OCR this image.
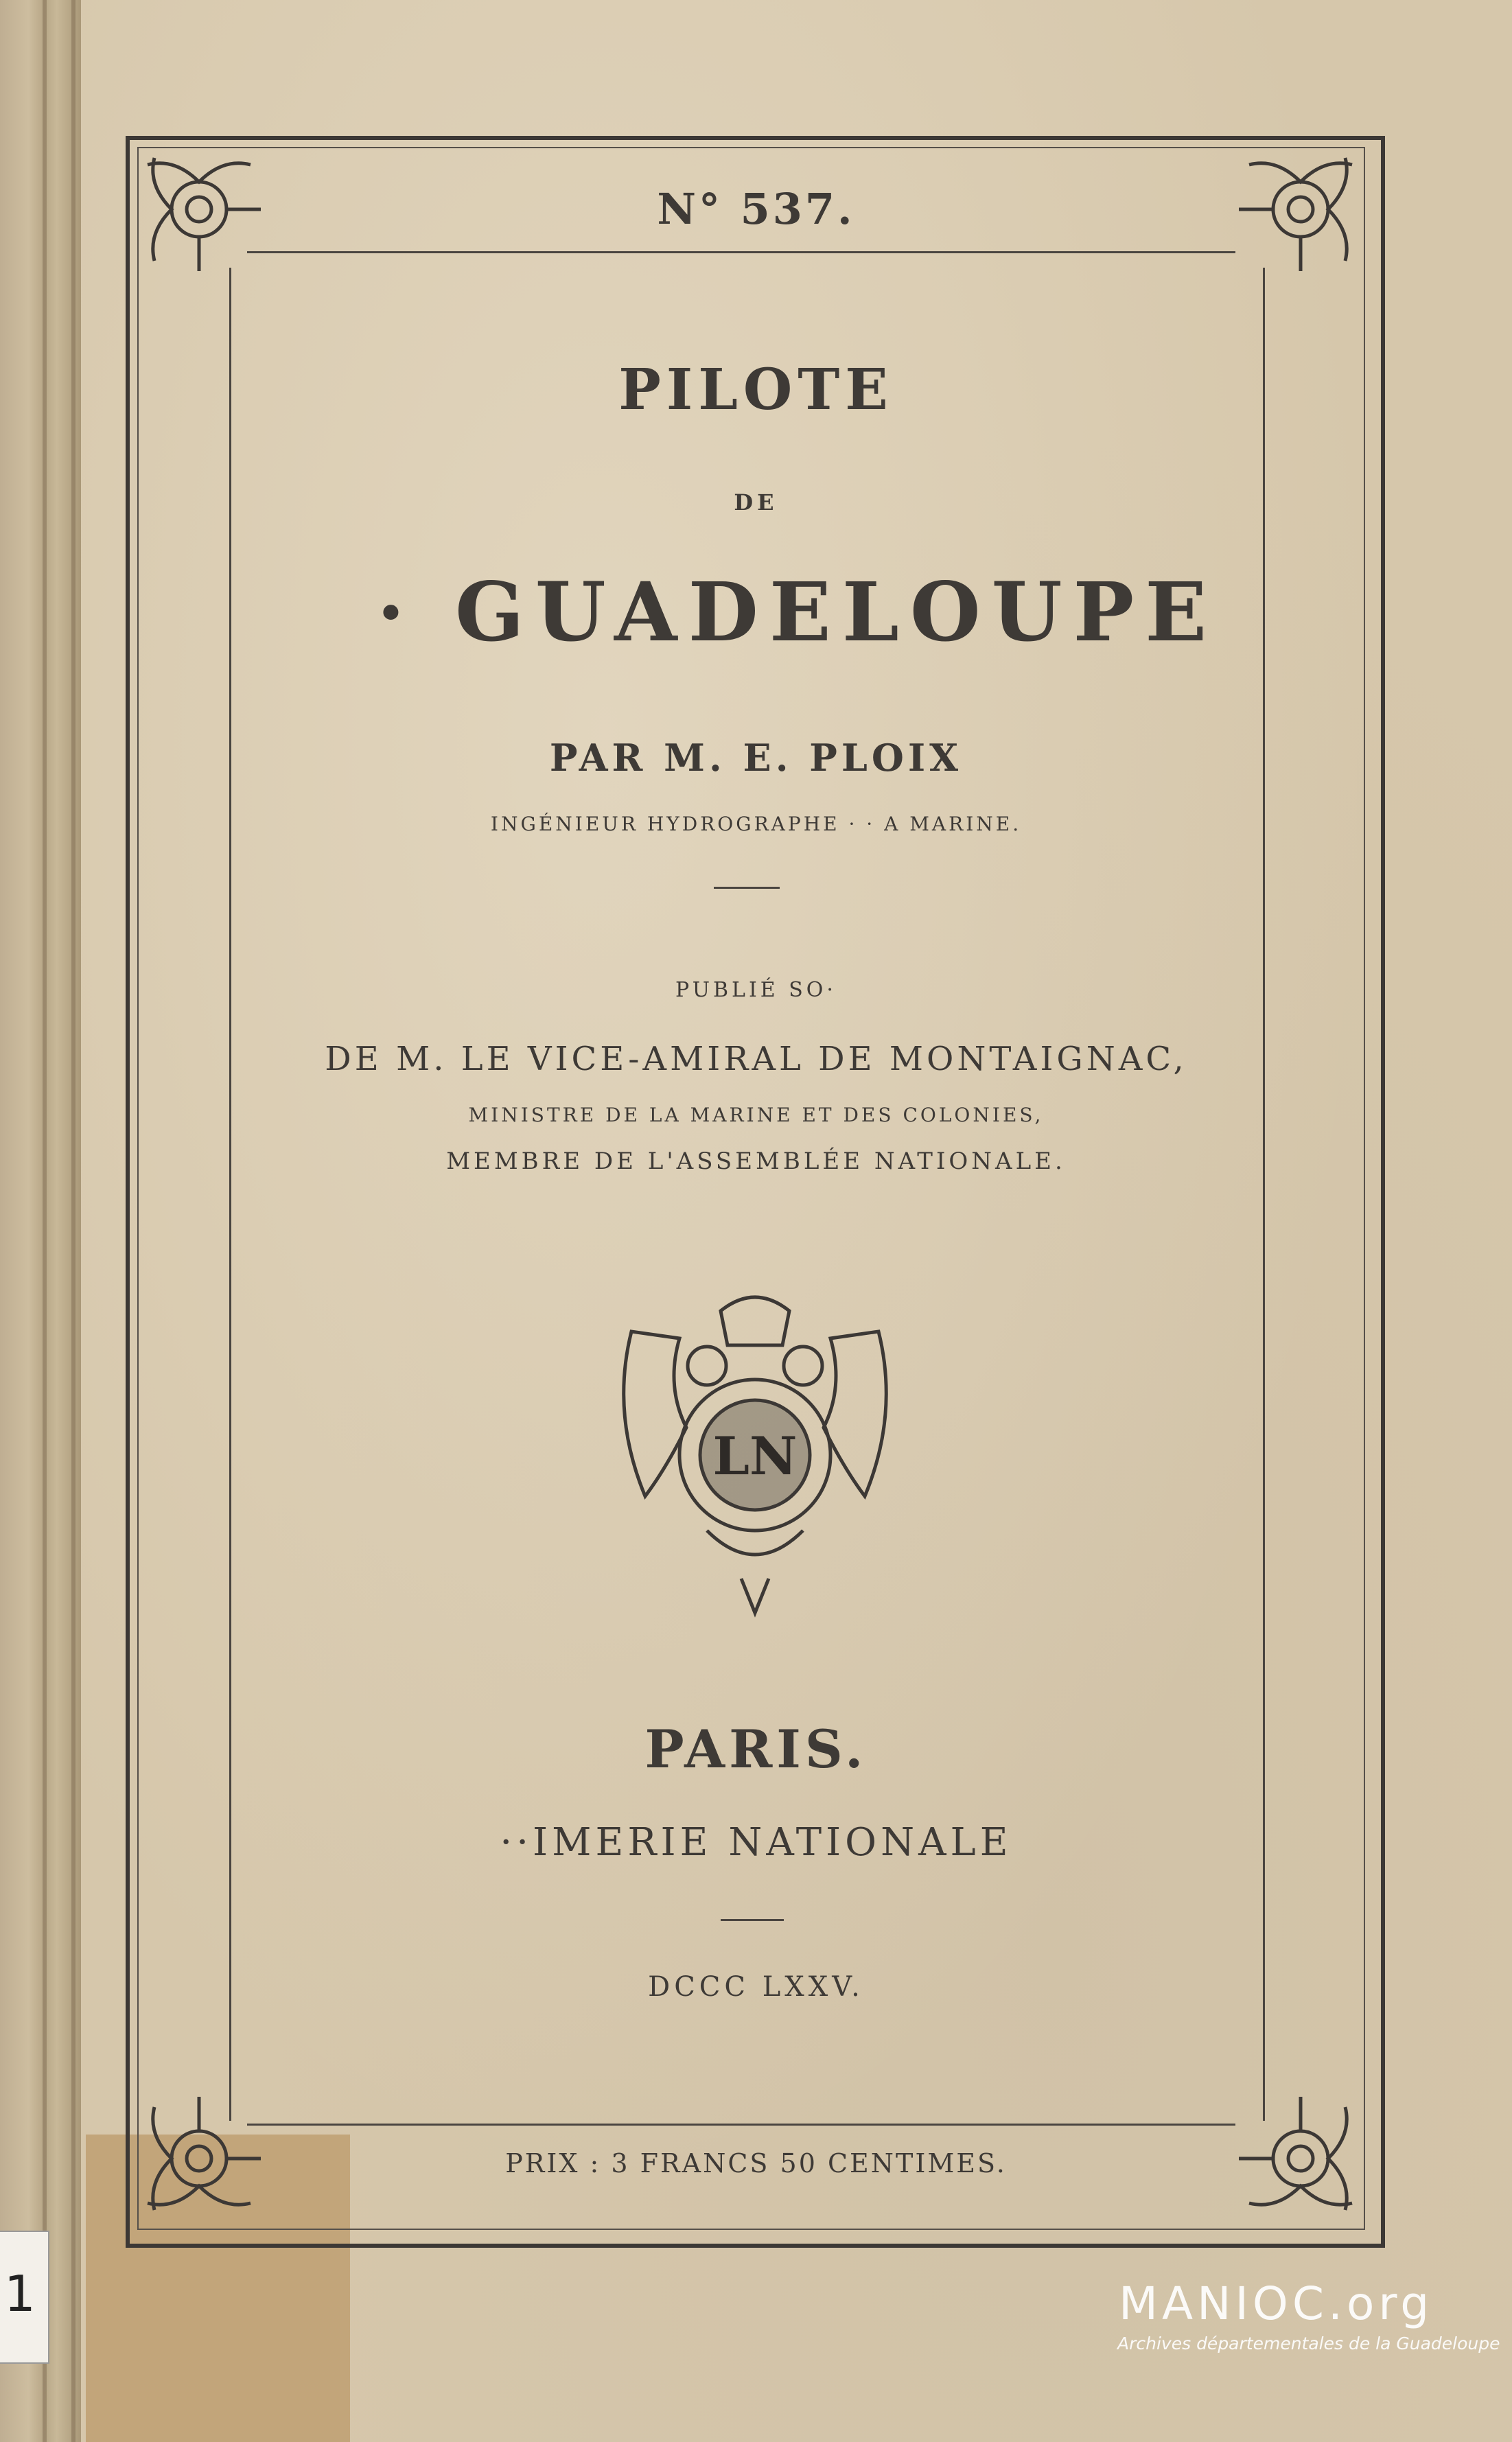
1
N° 537.
PILOTE
DE
· GUADELOUPE
PAR M. E. PLOIX
INGÉNIEUR HYDROGRAPHE · · A MARINE.
PUBLIÉ SO·
DE M. LE VICE-AMIRAL DE MONTAIGNAC,
MINISTRE DE LA MARINE ET DES COLONIES,
MEMBRE DE L'ASSEMBLÉE NATIONALE.
LN
PARIS.
··IMERIE NATIONALE
DCCC LXXV.
PRIX : 3 FRANCS 50 CENTIMES.
MANIOC.org
Archives départementales de la Guadeloupe
